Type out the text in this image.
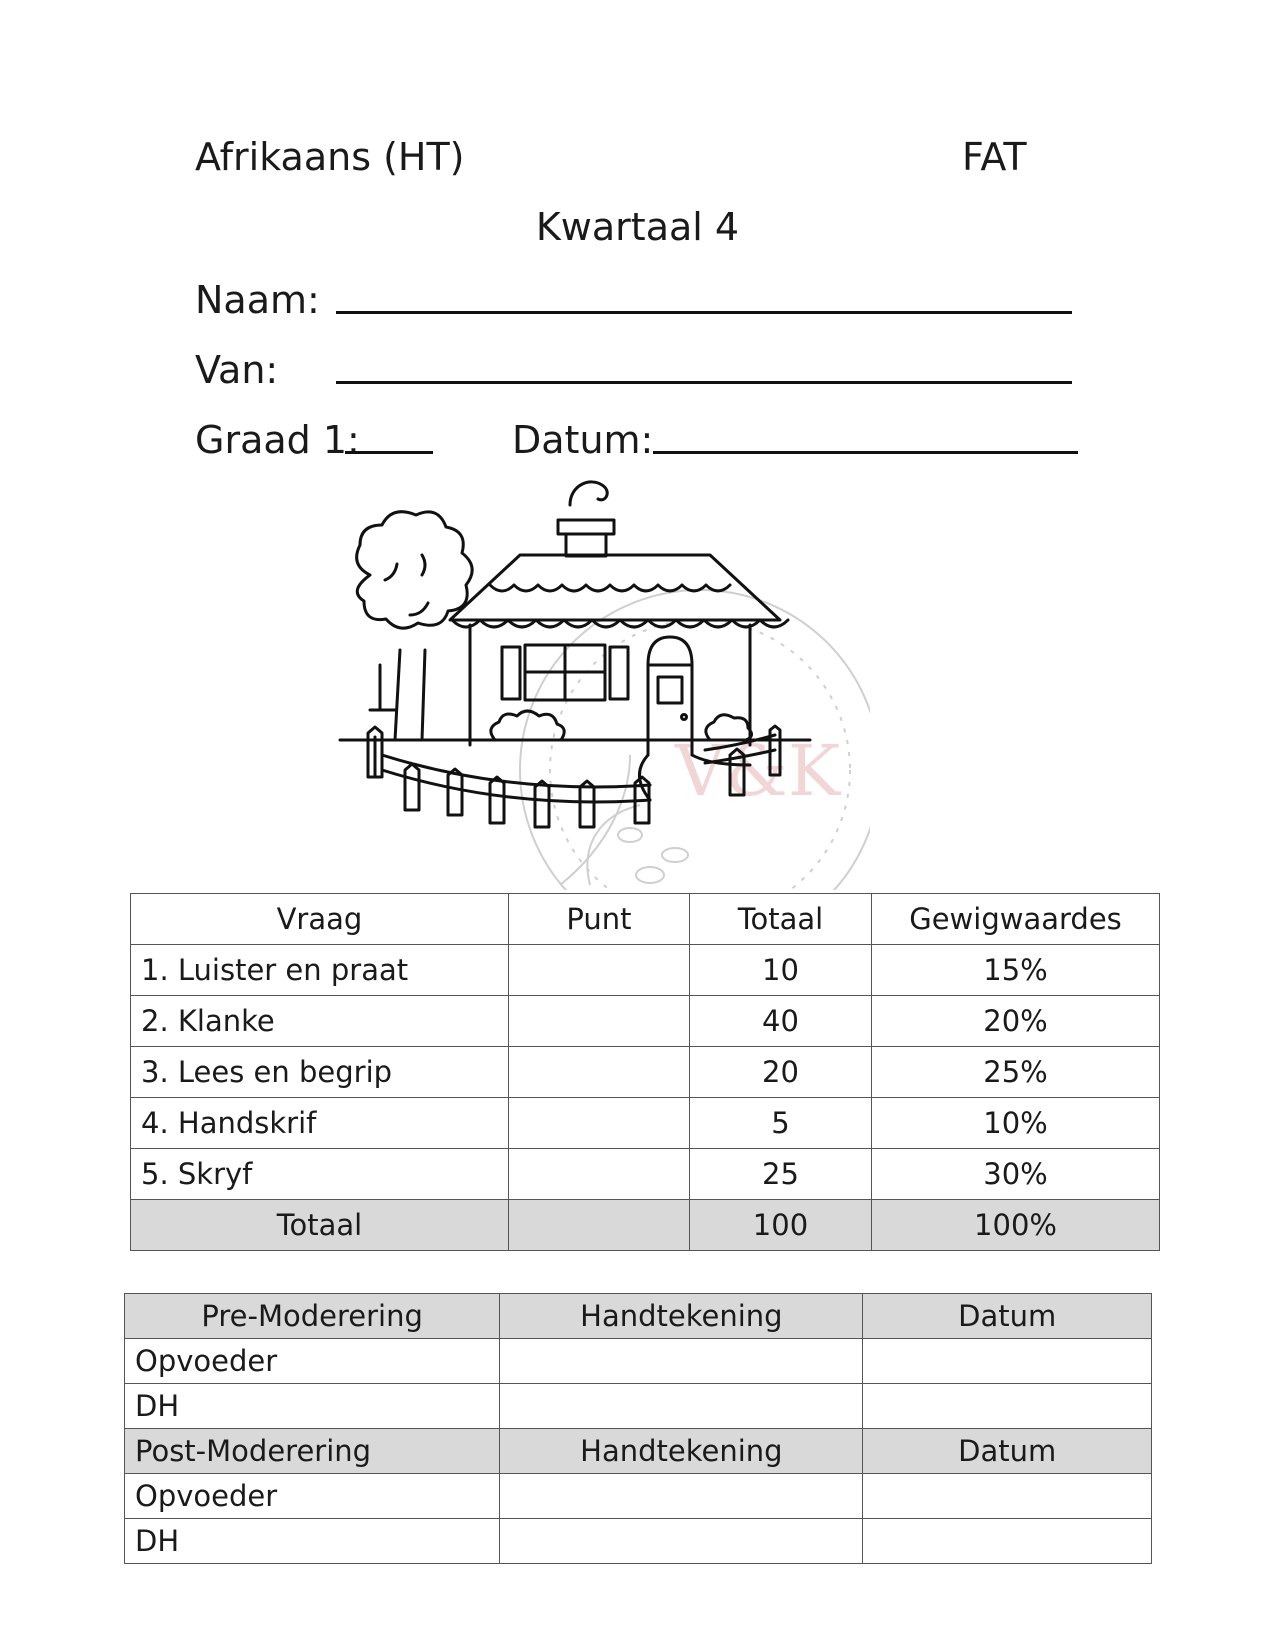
Afrikaans (HT)	FAT
Kwartaal 4
Naam:
Van:
Graad 1:	Datum:
V&K
Vraag	Punt	Totaal	Gewigwaardes
1. Luister en praat		10	15%
2. Klanke		40	20%
3. Lees en begrip		20	25%
4. Handskrif		5	10%
5. Skryf		25	30%
Totaal		100	100%
Pre-Moderering	Handtekening	Datum
Opvoeder		
DH		
Post-Moderering	Handtekening	Datum
Opvoeder		
DH		
